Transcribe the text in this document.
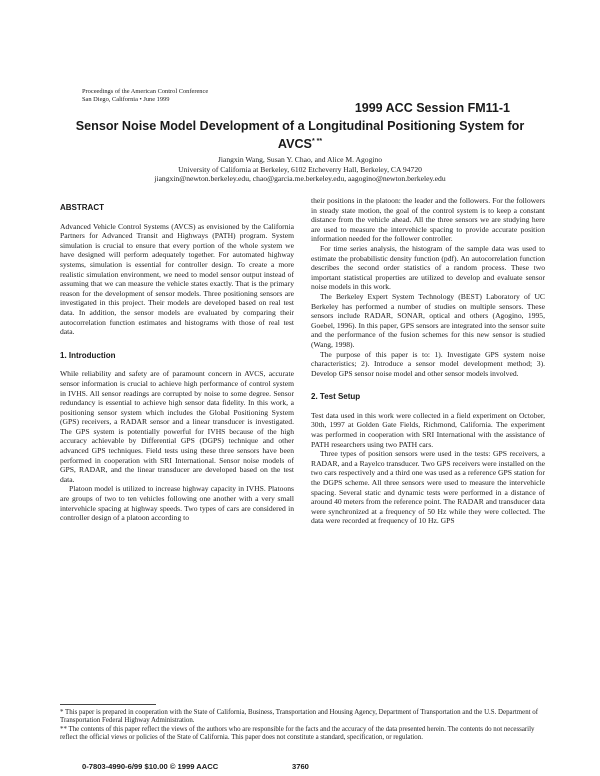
Proceedings of the American Control Conference
San Diego, California • June 1999
1999 ACC Session FM11-1
Sensor Noise Model Development of a Longitudinal Positioning System for
AVCS* **
Jiangxin Wang, Susan Y. Chao, and Alice M. Agogino
University of California at Berkeley, 6102 Etcheverry Hall, Berkeley, CA 94720
jiangxin@newton.berkeley.edu, chao@garcia.me.berkeley.edu, aagogino@newton.berkeley.edu
ABSTRACT

Advanced Vehicle Control Systems (AVCS) as envisioned by the California Partners for Advanced Transit and Highways (PATH) program. System simulation is crucial to ensure that every portion of the whole system we have designed will perform adequately together. For automated highway systems, simulation is essential for controller design. To create a more realistic simulation environment, we need to model sensor output instead of assuming that we can measure the vehicle states exactly. That is the primary reason for the development of sensor models. Three positioning sensors are investigated in this project. Their models are developed based on real test data. In addition, the sensor models are evaluated by comparing their autocorrelation function estimates and histograms with those of real test data.

1. Introduction

While reliability and safety are of paramount concern in AVCS, accurate sensor information is crucial to achieve high performance of control system in IVHS. All sensor readings are corrupted by noise to some degree. Sensor redundancy is essential to achieve high sensor data fidelity. In this work, a positioning sensor system which includes the Global Positioning System (GPS) receivers, a RADAR sensor and a linear transducer is investigated. The GPS system is potentially powerful for IVHS because of the high accuracy achievable by Differential GPS (DGPS) technique and other advanced GPS techniques. Field tests using these three sensors have been performed in cooperation with SRI International. Sensor noise models of GPS, RADAR, and the linear transducer are developed based on the test data.

Platoon model is utilized to increase highway capacity in IVHS. Platoons are groups of two to ten vehicles following one another with a very small intervehicle spacing at highway speeds. Two types of cars are considered in controller design of a platoon according to

their positions in the platoon: the leader and the followers. For the followers in steady state motion, the goal of the control system is to keep a constant distance from the vehicle ahead. All the three sensors we are studying here are used to measure the intervehicle spacing to provide accurate position information needed for the follower controller.

For time series analysis, the histogram of the sample data was used to estimate the probabilistic density function (pdf). An autocorrelation function describes the second order statistics of a random process. These two important statistical properties are utilized to develop and evaluate sensor noise models in this work.

The Berkeley Expert System Technology (BEST) Laboratory of UC Berkeley has performed a number of studies on multiple sensors. These sensors include RADAR, SONAR, optical and others (Agogino, 1995, Goebel, 1996). In this paper, GPS sensors are integrated into the sensor suite and the performance of the fusion schemes for this new sensor is studied (Wang, 1998).

The purpose of this paper is to: 1). Investigate GPS system noise characteristics; 2). Introduce a sensor model development method; 3). Develop GPS sensor noise model and other sensor models involved.

2. Test Setup

Test data used in this work were collected in a field experiment on October, 30th, 1997 at Golden Gate Fields, Richmond, California. The experiment was performed in cooperation with SRI International with the assistance of PATH researchers using two PATH cars.

Three types of position sensors were used in the tests: GPS receivers, a RADAR, and a Rayelco transducer. Two GPS receivers were installed on the two cars respectively and a third one was used as a reference GPS station for the DGPS scheme. All three sensors were used to measure the intervehicle spacing. Several static and dynamic tests were performed in a distance of around 40 meters from the reference point. The RADAR and transducer data were synchronized at a frequency of 50 Hz while they were collected. The data were recorded at frequency of 10 Hz. GPS

* This paper is prepared in cooperation with the State of California, Business, Transportation and Housing Agency, Department of Transportation and the U.S. Department of Transportation Federal Highway Administration.

** The contents of this paper reflect the views of the authors who are responsible for the facts and the accuracy of the data presented herein. The contents do not necessarily reflect the official views or policies of the State of California. This paper does not constitute a standard, specification, or regulation.

0-7803-4990-6/99 $10.00 © 1999 AACC	3760
